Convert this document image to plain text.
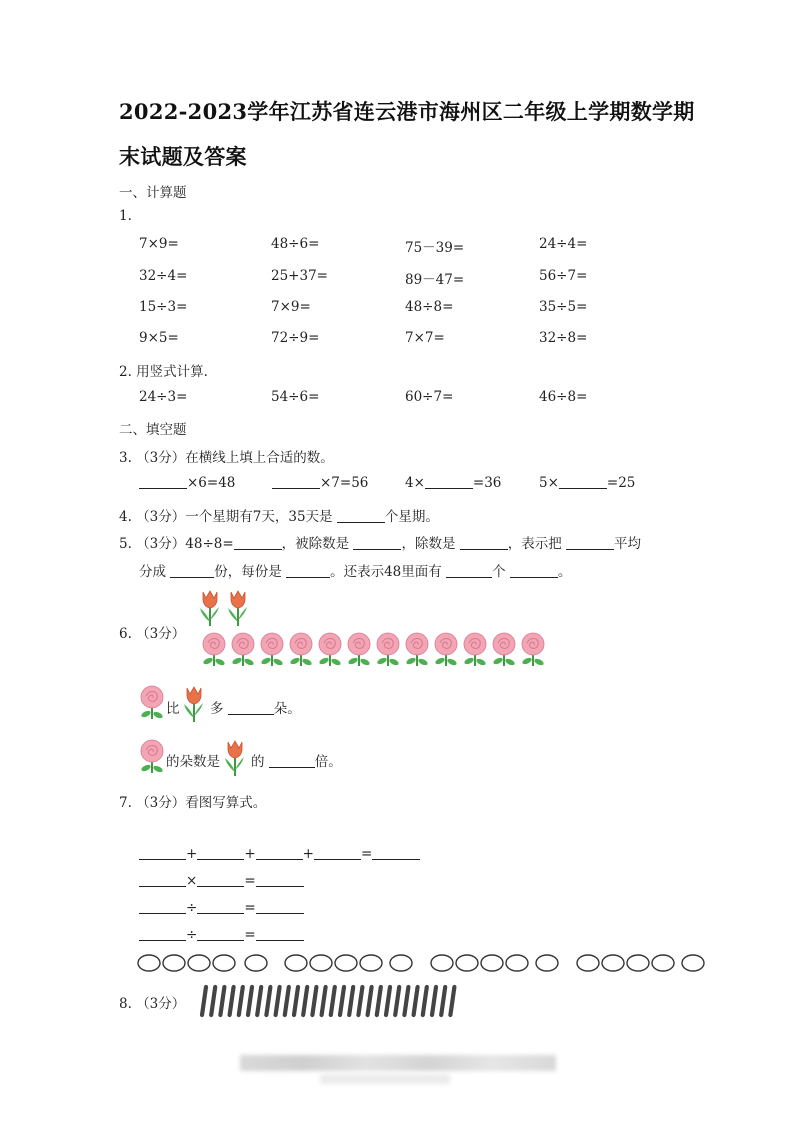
2022-2023学年江苏省连云港市海州区二年级上学期数学期
末试题及答案
一、计算题
1.
7×9=	48÷6=	75－39=	24÷4=
32÷4=	25+37=	89－47=	56÷7=
15÷3=	7×9=	48÷8=	35÷5=
9×5=	72÷9=	7×7=	32÷8=
2. 用竖式计算.
24÷3=	54÷6=	60÷7=	46÷8=
二、填空题
3. （3分）在横线上填上合适的数。
×6=48	×7=56	4×	=36	5×	=25
4. （3分）一个星期有7天，35天是	个星期。
5. （3分）48÷8=	，被除数是	，除数是	，表示把	平均
分成	份，每份是	。还表示48里面有	个	。
6. （3分）
比 多	朵。
的朵数是 的	倍。
7. （3分）看图写算式。
+	+	+	=
×	=
÷	=
÷	=
8. （3分）
